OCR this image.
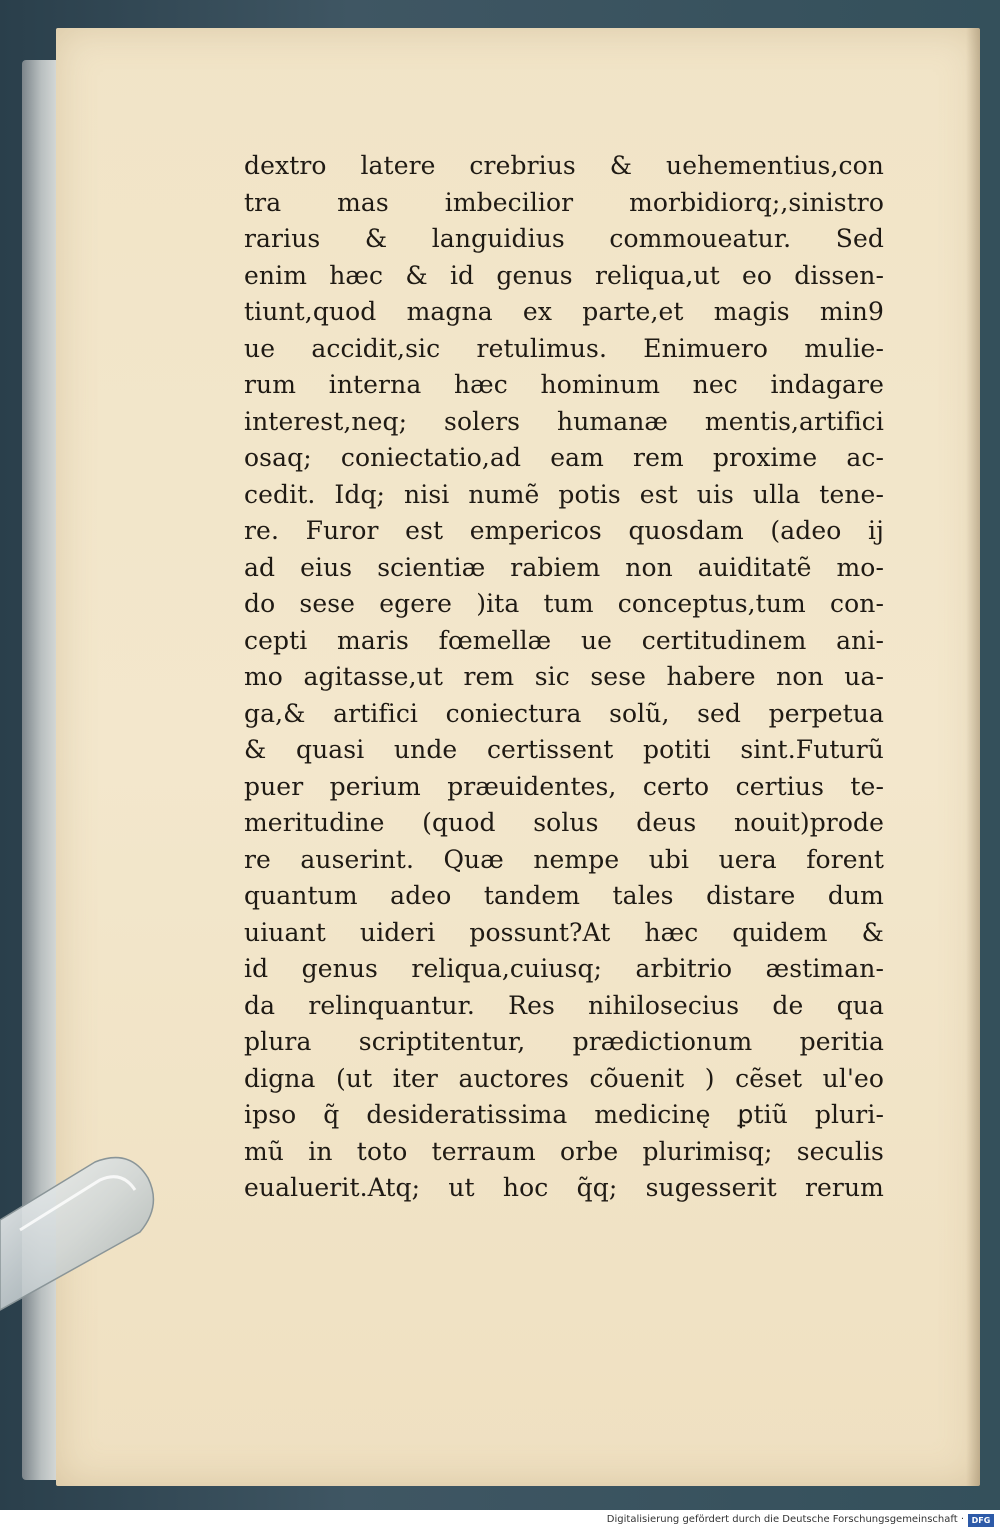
dextro latere crebrius & uehementius,con
tra mas imbecilior morbidiorq;,sinistro
rarius & languidius commoueatur. Sed
enim hæc & id genus reliqua,ut eo dissen-
tiunt,quod magna ex parte,et magis min9
ue accidit,sic retulimus. Enimuero mulie-
rum interna hæc hominum nec indagare
interest,neq; solers humanæ mentis,artifici
osaq; coniectatio,ad eam rem proxime ac-
cedit. Idq; nisi numẽ potis est uis ulla tene-
re. Furor est empericos quosdam (adeo ij
ad eius scientiæ rabiem non auiditatẽ mo-
do sese egere )ita tum conceptus,tum con-
cepti maris fœmellæ ue certitudinem ani-
mo agitasse,ut rem sic sese habere non ua-
ga,& artifici coniectura solũ, sed perpetua
& quasi unde certissent potiti sint.Futurũ
puer perium præuidentes, certo certius te-
meritudine (quod solus deus nouit)prode
re auserint. Quæ nempe ubi uera forent
quantum adeo tandem tales distare dum
uiuant uideri possunt?At hæc quidem &
id genus reliqua,cuiusq; arbitrio æstiman-
da relinquantur. Res nihilosecius de qua
plura scriptitentur, prædictionum peritia
digna (ut iter auctores cõuenit ) cẽset ul'eo
ipso q̃ desideratissima medicinę ꝑtiũ pluri-
mũ in toto terraum orbe plurimisq; seculis
eualuerit.Atq; ut hoc q̃q; sugesserit rerum
Digitalisierung gefördert durch die Deutsche Forschungsgemeinschaft · DFG
